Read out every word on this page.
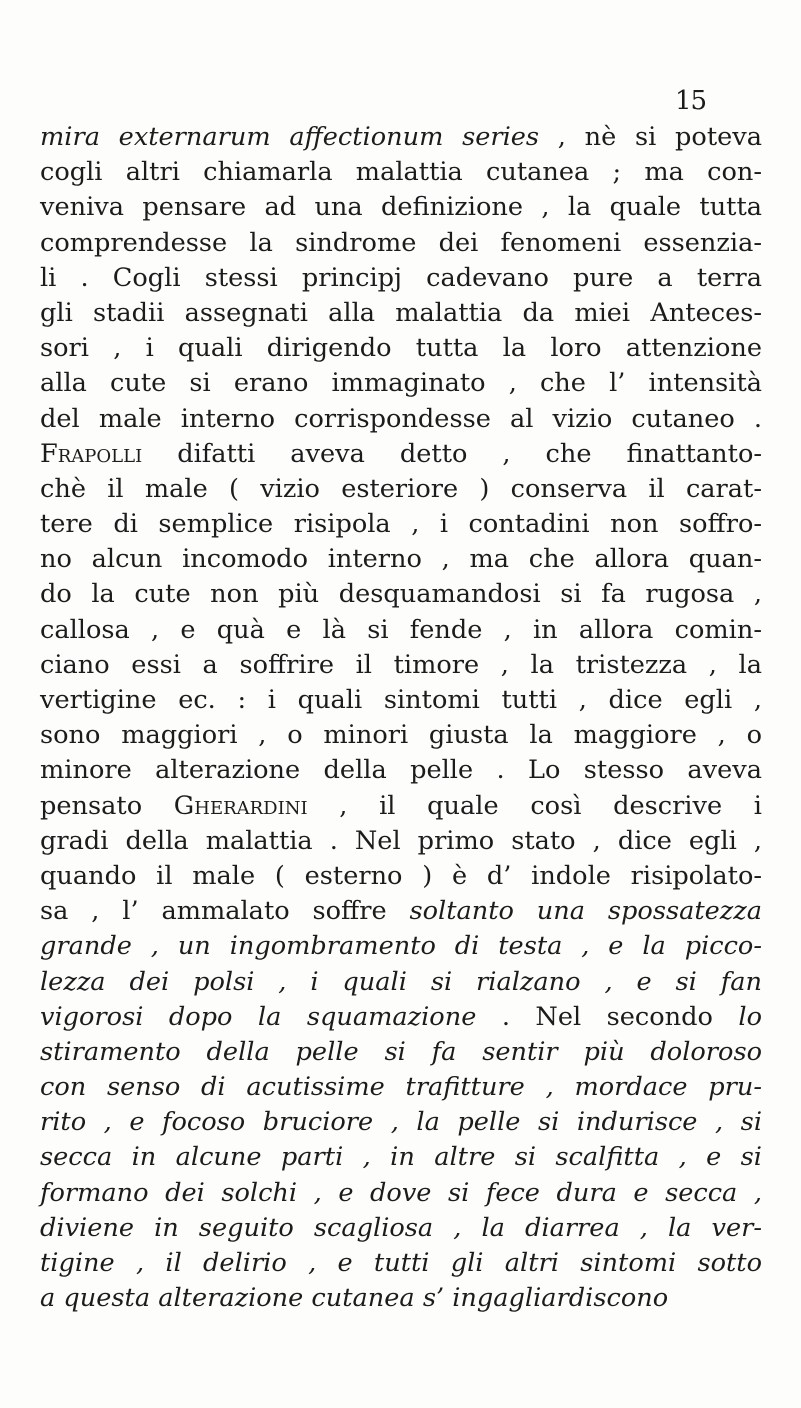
15
mira externarum affectionum series , nè si poteva
cogli altri chiamarla malattia cutanea ; ma con-
veniva pensare ad una definizione , la quale tutta
comprendesse la sindrome dei fenomeni essenzia-
li . Cogli stessi principj cadevano pure a terra
gli stadii assegnati alla malattia da miei Anteces-
sori , i quali dirigendo tutta la loro attenzione
alla cute si erano immaginato , che l’ intensità
del male interno corrispondesse al vizio cutaneo .
Frapolli difatti aveva detto , che finattanto-
chè il male ( vizio esteriore ) conserva il carat-
tere di semplice risipola , i contadini non soffro-
no alcun incomodo interno , ma che allora quan-
do la cute non più desquamandosi si fa rugosa ,
callosa , e quà e là si fende , in allora comin-
ciano essi a soffrire il timore , la tristezza , la
vertigine ec. : i quali sintomi tutti , dice egli ,
sono maggiori , o minori giusta la maggiore , o
minore alterazione della pelle . Lo stesso aveva
pensato Gherardini , il quale così descrive i
gradi della malattia . Nel primo stato , dice egli ,
quando il male ( esterno ) è d’ indole risipolato-
sa , l’ ammalato soffre soltanto una spossatezza
grande , un ingombramento di testa , e la picco-
lezza dei polsi , i quali si rialzano , e si fan
vigorosi dopo la squamazione . Nel secondo lo
stiramento della pelle si fa sentir più doloroso
con senso di acutissime trafitture , mordace pru-
rito , e focoso bruciore , la pelle si indurisce , si
secca in alcune parti , in altre si scalfitta , e si
formano dei solchi , e dove si fece dura e secca ,
diviene in seguito scagliosa , la diarrea , la ver-
tigine , il delirio , e tutti gli altri sintomi sotto
a questa alterazione cutanea s’ ingagliardiscono
